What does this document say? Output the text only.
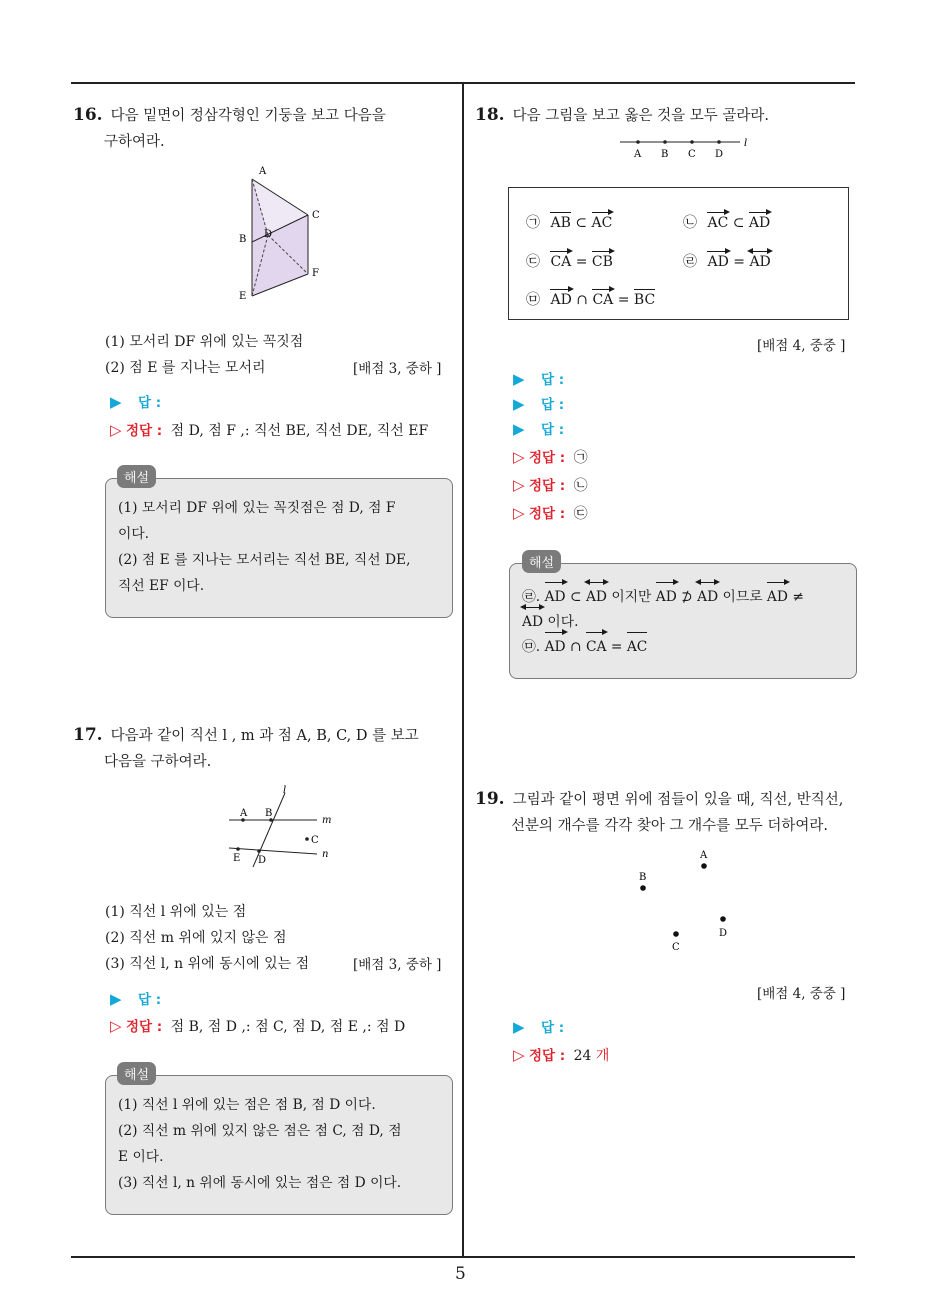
5
16. 다음 밑면이 정삼각형인 기둥을 보고 다음을
구하여라.
A
B
C
D
E
F
(1) 모서리 DF 위에 있는 꼭짓점
(2) 점 E 를 지나는 모서리	[배점 3, 중하 ]
▶ 답 :
▷ 정답 : 점 D, 점 F ,: 직선 BE, 직선 DE, 직선 EF
해설
(1) 모서리 DF 위에 있는 꼭짓점은 점 D, 점 F
이다.
(2) 점 E 를 지나는 모서리는 직선 BE, 직선 DE,
직선 EF 이다.
17. 다음과 같이 직선 l , m 과 점 A, B, C, D 를 보고
다음을 구하여라.
l
m
n
A B
C
E D
(1) 직선 l 위에 있는 점
(2) 직선 m 위에 있지 않은 점
(3) 직선 l, n 위에 동시에 있는 점	[배점 3, 중하 ]
▶ 답 :
▷ 정답 : 점 B, 점 D ,: 점 C, 점 D, 점 E ,: 점 D
해설
(1) 직선 l 위에 있는 점은 점 B, 점 D 이다.
(2) 직선 m 위에 있지 않은 점은 점 C, 점 D, 점
E 이다.
(3) 직선 l, n 위에 동시에 있는 점은 점 D 이다.
18. 다음 그림을 보고 옳은 것을 모두 골라라.
A B C D
l
㉠ AB ⊂ AC	㉡ AC ⊂ AD
㉢ CA = CB	㉣ AD = AD
㉤ AD ∩ CA = BC
[배점 4, 중중 ]
▶ 답 :
▶ 답 :
▶ 답 :
▷ 정답 : ㉠
▷ 정답 : ㉡
▷ 정답 : ㉢
해설
㉣. AD ⊂ AD 이지만 AD ⊅ AD 이므로 AD ≠
AD 이다.
㉤. AD ∩ CA = AC
19. 그림과 같이 평면 위에 점들이 있을 때, 직선, 반직선,
선분의 개수를 각각 찾아 그 개수를 모두 더하여라.
A
B
C
D
[배점 4, 중중 ]
▶ 답 :
▷ 정답 : 24 개
